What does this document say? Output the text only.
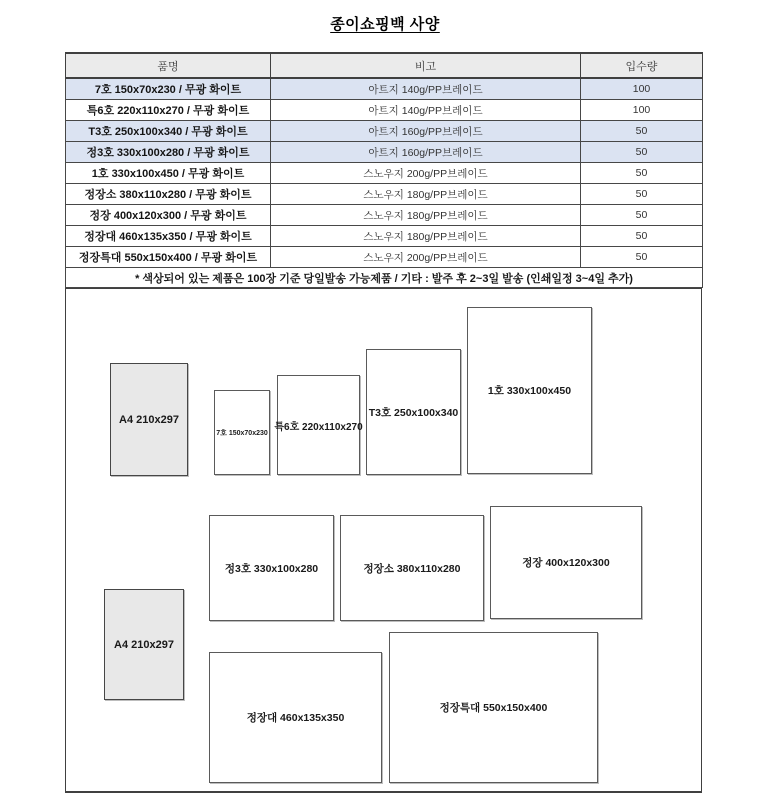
종이쇼핑백 사양
품명	비고	입수량
7호 150x70x230 / 무광 화이트	아트지 140g/PP브레이드	100
특6호 220x110x270 / 무광 화이트	아트지 140g/PP브레이드	100
T3호 250x100x340 / 무광 화이트	아트지 160g/PP브레이드	50
정3호 330x100x280 / 무광 화이트	아트지 160g/PP브레이드	50
1호 330x100x450 / 무광 화이트	스노우지 200g/PP브레이드	50
정장소 380x110x280 / 무광 화이트	스노우지 180g/PP브레이드	50
정장 400x120x300 / 무광 화이트	스노우지 180g/PP브레이드	50
정장대 460x135x350 / 무광 화이트	스노우지 180g/PP브레이드	50
정장특대 550x150x400 / 무광 화이트	스노우지 200g/PP브레이드	50
* 색상되어 있는 제품은 100장 기준 당일발송 가능제품 / 기타 : 발주 후 2~3일 발송 (인쇄일정 3~4일 추가)		
A4 210x297
7호 150x70x230
특6호 220x110x270
T3호 250x100x340
1호 330x100x450
정3호 330x100x280	정장소 380x110x280	정장 400x120x300
A4 210x297
정장대 460x135x350
정장특대 550x150x400
